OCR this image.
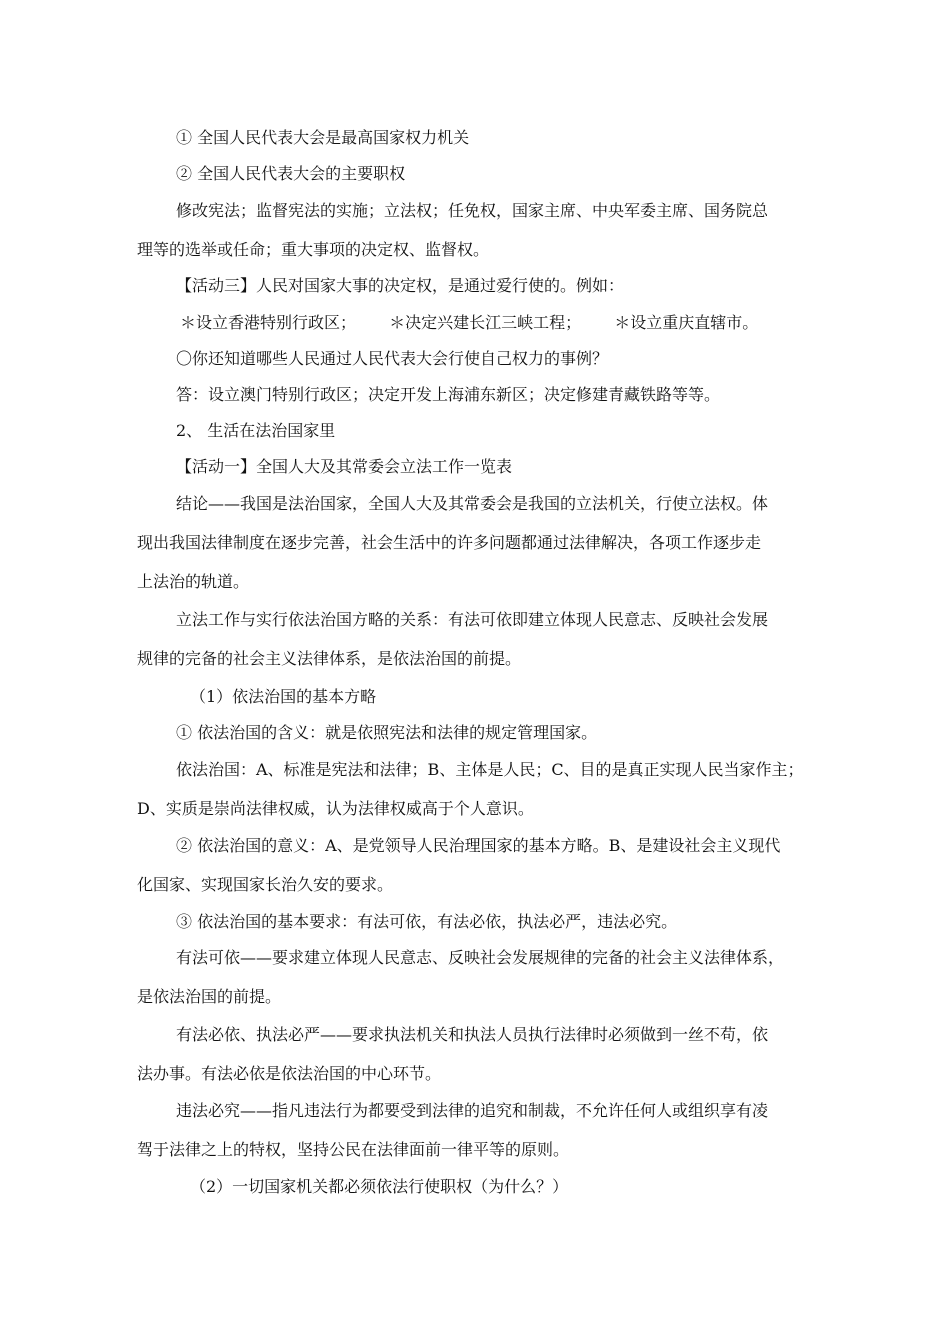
① 全国人民代表大会是最高国家权力机关
② 全国人民代表大会的主要职权
修改宪法；监督宪法的实施；立法权；任免权，国家主席、中央军委主席、国务院总
理等的选举或任命；重大事项的决定权、监督权。
【活动三】人民对国家大事的决定权，是通过爱行使的。例如：
＊设立香港特别行政区； ＊决定兴建长江三峡工程； ＊设立重庆直辖市。
〇你还知道哪些人民通过人民代表大会行使自己权力的事例？
答：设立澳门特别行政区；决定开发上海浦东新区；决定修建青藏铁路等等。
2、 生活在法治国家里
【活动一】全国人大及其常委会立法工作一览表
结论——我国是法治国家，全国人大及其常委会是我国的立法机关，行使立法权。体
现出我国法律制度在逐步完善，社会生活中的许多问题都通过法律解决，各项工作逐步走
上法治的轨道。
立法工作与实行依法治国方略的关系：有法可依即建立体现人民意志、反映社会发展
规律的完备的社会主义法律体系，是依法治国的前提。
（1）依法治国的基本方略
① 依法治国的含义：就是依照宪法和法律的规定管理国家。
依法治国：A、标准是宪法和法律；B、主体是人民；C、目的是真正实现人民当家作主；
D、实质是崇尚法律权威，认为法律权威高于个人意识。
② 依法治国的意义：A、是党领导人民治理国家的基本方略。B、是建设社会主义现代
化国家、实现国家长治久安的要求。
③ 依法治国的基本要求：有法可依，有法必依，执法必严，违法必究。
有法可依——要求建立体现人民意志、反映社会发展规律的完备的社会主义法律体系，
是依法治国的前提。
有法必依、执法必严——要求执法机关和执法人员执行法律时必须做到一丝不苟，依
法办事。有法必依是依法治国的中心环节。
违法必究——指凡违法行为都要受到法律的追究和制裁，不允许任何人或组织享有凌
驾于法律之上的特权，坚持公民在法律面前一律平等的原则。
（2）一切国家机关都必须依法行使职权（为什么？）
